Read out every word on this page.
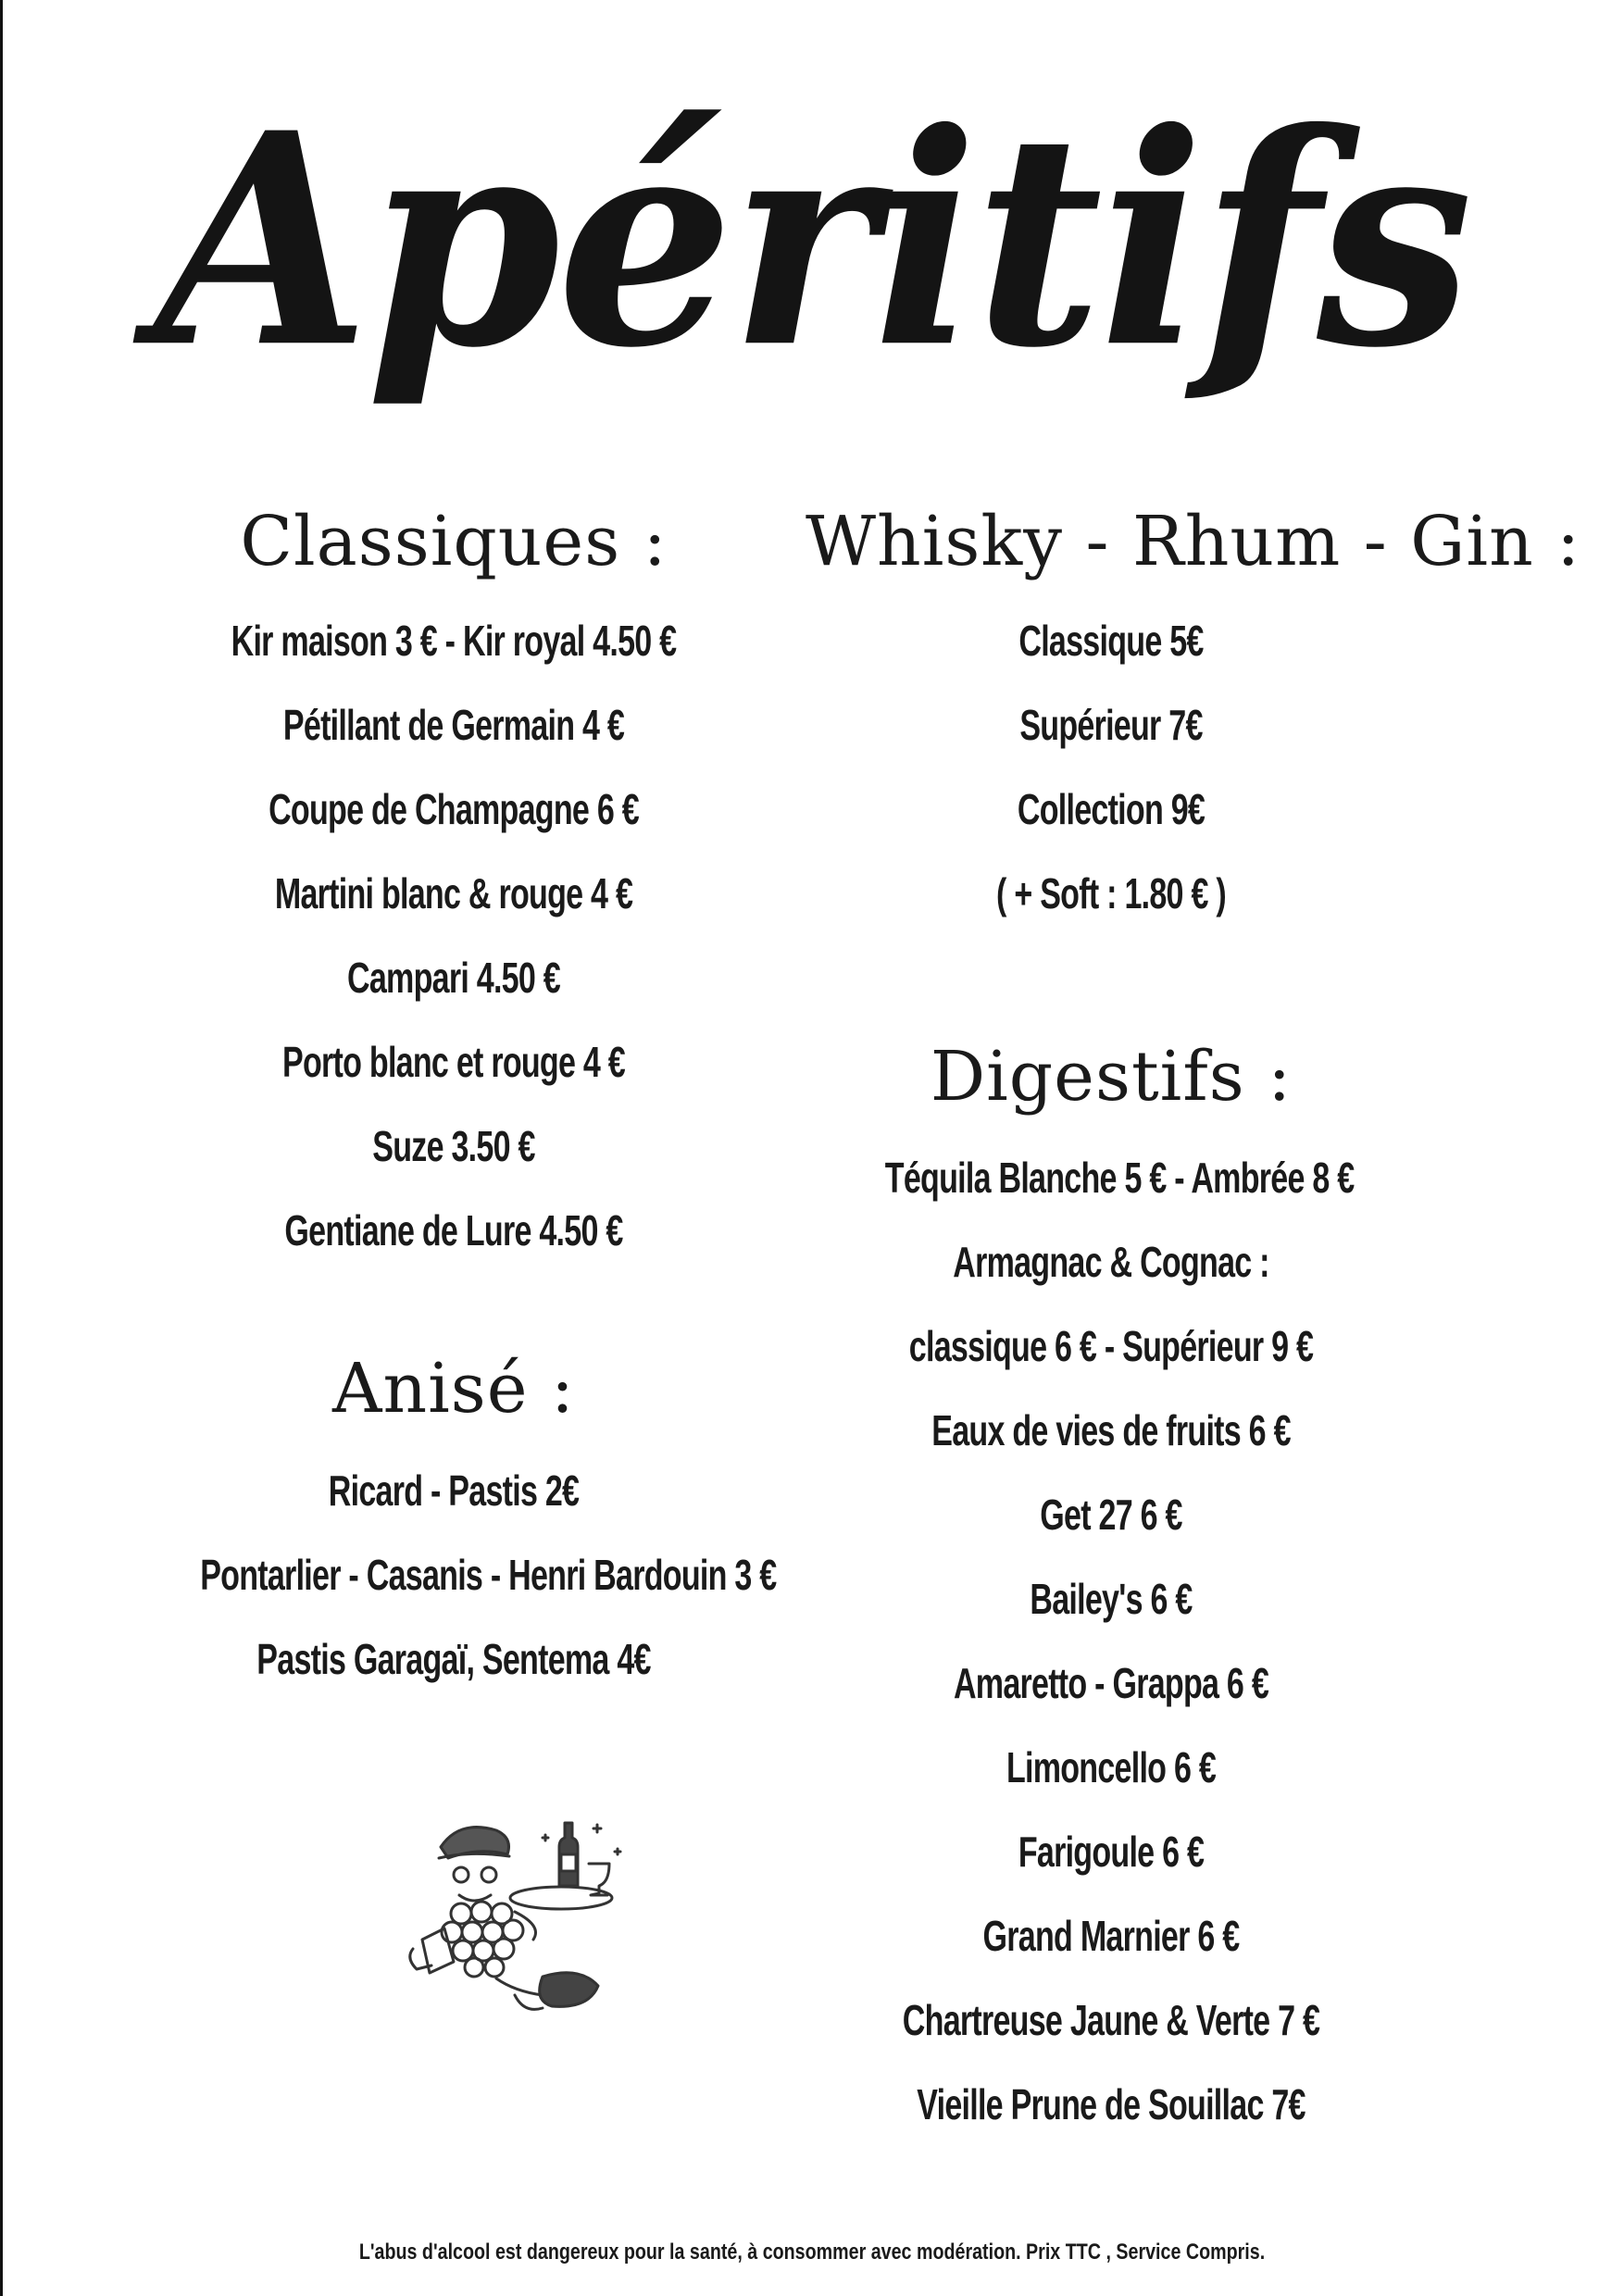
Apéritifs
Classiques :
Kir maison 3 € - Kir royal 4.50 €
Pétillant de Germain 4 €
Coupe de Champagne 6 €
Martini blanc & rouge 4 €
Campari 4.50 €
Porto blanc et rouge 4 €
Suze 3.50 €
Gentiane de Lure 4.50 €
Anisé :
Ricard - Pastis 2€
Pontarlier - Casanis - Henri Bardouin 3 €
Pastis Garagaï, Sentema 4€
Whisky - Rhum - Gin :
Classique 5€
Supérieur 7€
Collection 9€
( + Soft : 1.80 € )
Digestifs :
Téquila Blanche 5 € - Ambrée 8 €
Armagnac & Cognac :
classique 6 € - Supérieur 9 €
Eaux de vies de fruits 6 €
Get 27 6 €
Bailey's 6 €
Amaretto - Grappa 6 €
Limoncello 6 €
Farigoule 6 €
Grand Marnier 6 €
Chartreuse Jaune & Verte 7 €
Vieille Prune de Souillac 7€
L'abus d'alcool est dangereux pour la santé, à consommer avec modération. Prix TTC , Service Compris.
